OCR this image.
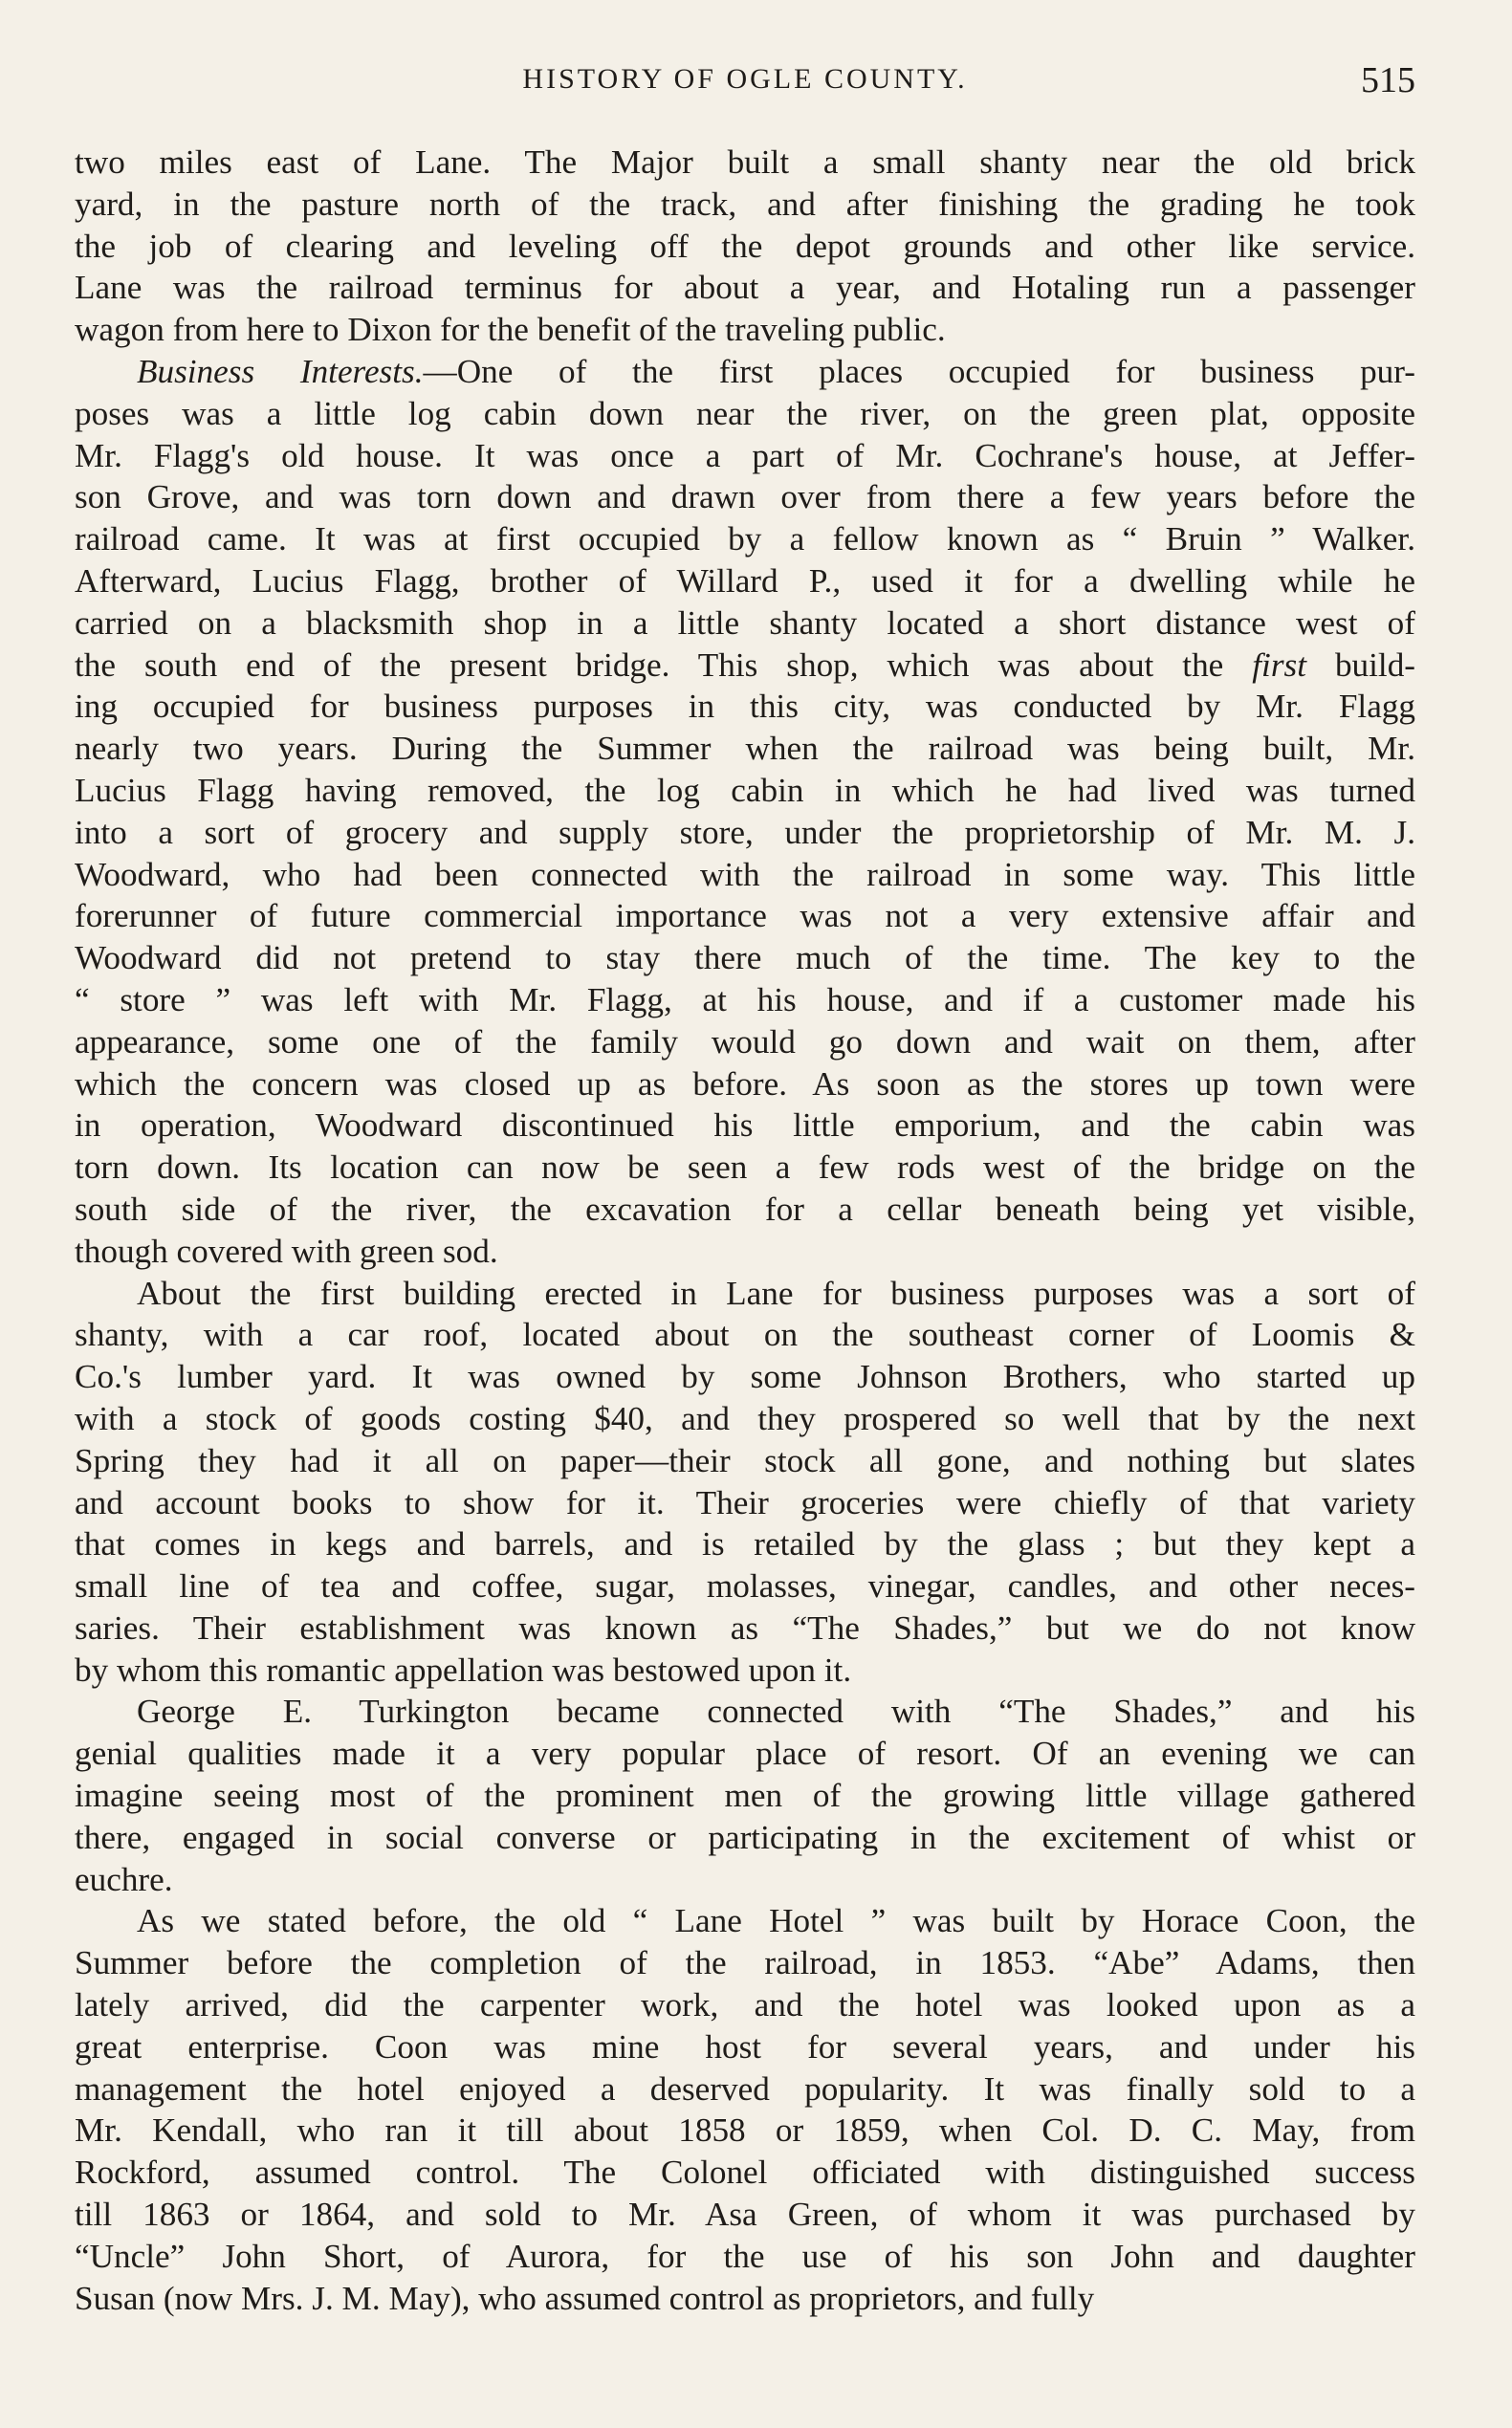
HISTORY OF OGLE COUNTY.	515
two miles east of Lane. The Major built a small shanty near the old brick
yard, in the pasture north of the track, and after finishing the grading he took
the job of clearing and leveling off the depot grounds and other like service.
Lane was the railroad terminus for about a year, and Hotaling run a passenger
wagon from here to Dixon for the benefit of the traveling public.
Business Interests.—One of the first places occupied for business pur-
poses was a little log cabin down near the river, on the green plat, opposite
Mr. Flagg's old house. It was once a part of Mr. Cochrane's house, at Jeffer-
son Grove, and was torn down and drawn over from there a few years before the
railroad came. It was at first occupied by a fellow known as “ Bruin ” Walker.
Afterward, Lucius Flagg, brother of Willard P., used it for a dwelling while he
carried on a blacksmith shop in a little shanty located a short distance west of
the south end of the present bridge. This shop, which was about the first build-
ing occupied for business purposes in this city, was conducted by Mr. Flagg
nearly two years. During the Summer when the railroad was being built, Mr.
Lucius Flagg having removed, the log cabin in which he had lived was turned
into a sort of grocery and supply store, under the proprietorship of Mr. M. J.
Woodward, who had been connected with the railroad in some way. This little
forerunner of future commercial importance was not a very extensive affair and
Woodward did not pretend to stay there much of the time. The key to the
“ store ” was left with Mr. Flagg, at his house, and if a customer made his
appearance, some one of the family would go down and wait on them, after
which the concern was closed up as before. As soon as the stores up town were
in operation, Woodward discontinued his little emporium, and the cabin was
torn down. Its location can now be seen a few rods west of the bridge on the
south side of the river, the excavation for a cellar beneath being yet visible,
though covered with green sod.
About the first building erected in Lane for business purposes was a sort of
shanty, with a car roof, located about on the southeast corner of Loomis &
Co.'s lumber yard. It was owned by some Johnson Brothers, who started up
with a stock of goods costing $40, and they prospered so well that by the next
Spring they had it all on paper—their stock all gone, and nothing but slates
and account books to show for it. Their groceries were chiefly of that variety
that comes in kegs and barrels, and is retailed by the glass ; but they kept a
small line of tea and coffee, sugar, molasses, vinegar, candles, and other neces-
saries. Their establishment was known as “The Shades,” but we do not know
by whom this romantic appellation was bestowed upon it.
George E. Turkington became connected with “The Shades,” and his
genial qualities made it a very popular place of resort. Of an evening we can
imagine seeing most of the prominent men of the growing little village gathered
there, engaged in social converse or participating in the excitement of whist or
euchre.
As we stated before, the old “ Lane Hotel ” was built by Horace Coon, the
Summer before the completion of the railroad, in 1853. “Abe” Adams, then
lately arrived, did the carpenter work, and the hotel was looked upon as a
great enterprise. Coon was mine host for several years, and under his
management the hotel enjoyed a deserved popularity. It was finally sold to a
Mr. Kendall, who ran it till about 1858 or 1859, when Col. D. C. May, from
Rockford, assumed control. The Colonel officiated with distinguished success
till 1863 or 1864, and sold to Mr. Asa Green, of whom it was purchased by
“Uncle” John Short, of Aurora, for the use of his son John and daughter
Susan (now Mrs. J. M. May), who assumed control as proprietors, and fully
